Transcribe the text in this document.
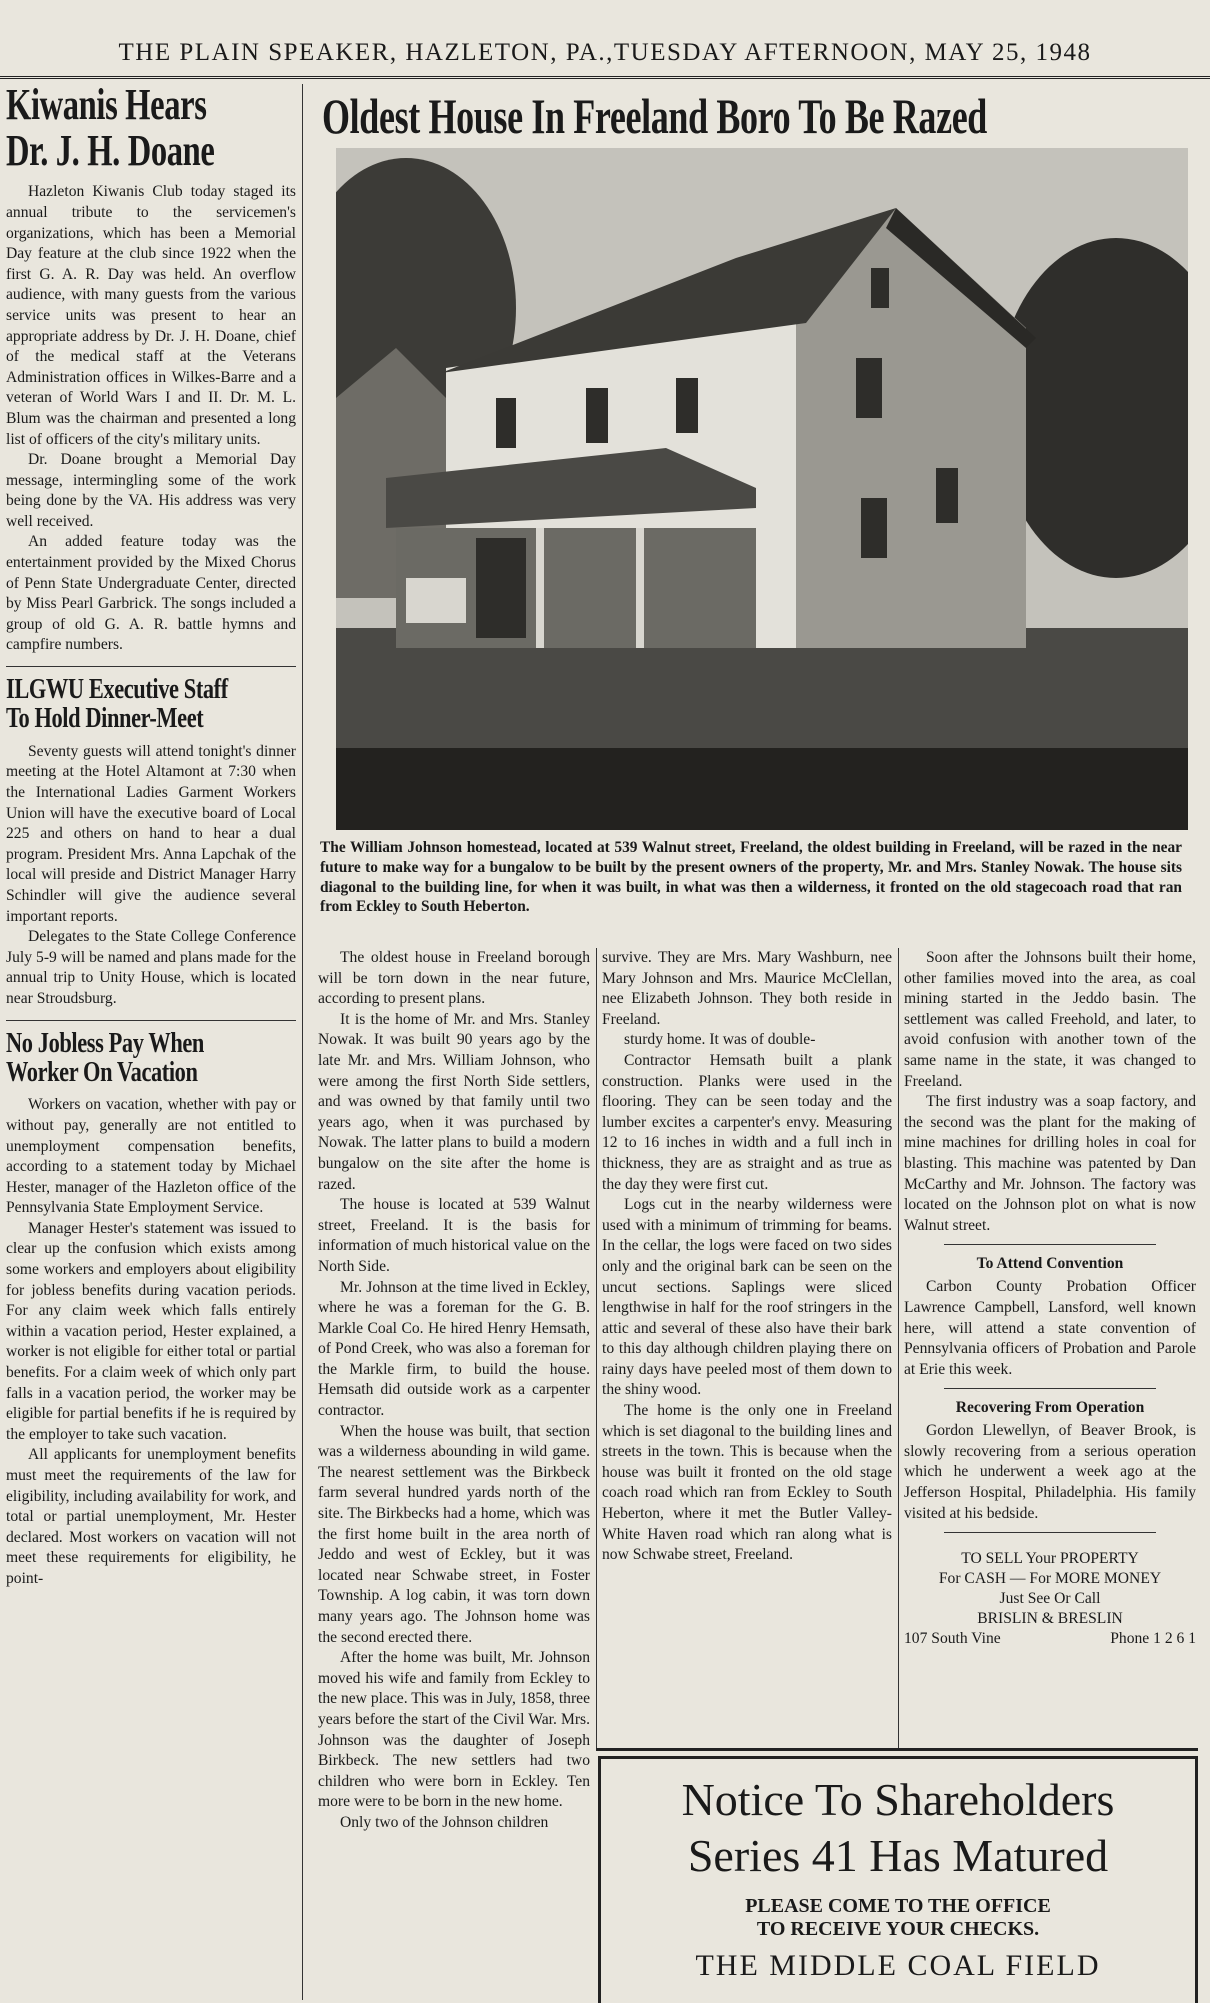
THE PLAIN SPEAKER, HAZLETON, PA.,TUESDAY AFTERNOON, MAY 25, 1948
Kiwanis Hears
Dr. J. H. Doane

Hazleton Kiwanis Club today staged its annual tribute to the servicemen's organizations, which has been a Memorial Day feature at the club since 1922 when the first G. A. R. Day was held. An overflow audience, with many guests from the various service units was present to hear an appropriate address by Dr. J. H. Doane, chief of the medical staff at the Veterans Administration offices in Wilkes-Barre and a veteran of World Wars I and II. Dr. M. L. Blum was the chairman and presented a long list of officers of the city's military units.

Dr. Doane brought a Memorial Day message, intermingling some of the work being done by the VA. His address was very well received.

An added feature today was the entertainment provided by the Mixed Chorus of Penn State Undergraduate Center, directed by Miss Pearl Garbrick. The songs included a group of old G. A. R. battle hymns and campfire numbers.

ILGWU Executive Staff
To Hold Dinner-Meet

Seventy guests will attend tonight's dinner meeting at the Hotel Altamont at 7:30 when the International Ladies Garment Workers Union will have the executive board of Local 225 and others on hand to hear a dual program. President Mrs. Anna Lapchak of the local will preside and District Manager Harry Schindler will give the audience several important reports.

Delegates to the State College Conference July 5-9 will be named and plans made for the annual trip to Unity House, which is located near Stroudsburg.

No Jobless Pay When
Worker On Vacation

Workers on vacation, whether with pay or without pay, generally are not entitled to unemployment compensation benefits, according to a statement today by Michael Hester, manager of the Hazleton office of the Pennsylvania State Employment Service.

Manager Hester's statement was issued to clear up the confusion which exists among some workers and employers about eligibility for jobless benefits during vacation periods. For any claim week which falls entirely within a vacation period, Hester explained, a worker is not eligible for either total or partial benefits. For a claim week of which only part falls in a vacation period, the worker may be eligible for partial benefits if he is required by the employer to take such vacation.

All applicants for unemployment benefits must meet the requirements of the law for eligibility, including availability for work, and total or partial unemployment, Mr. Hester declared. Most workers on vacation will not meet these requirements for eligibility, he point-

Oldest House In Freeland Boro To Be Razed
The William Johnson homestead, located at 539 Walnut street, Freeland, the oldest building in Freeland, will be razed in the near future to make way for a bungalow to be built by the present owners of the property, Mr. and Mrs. Stanley Nowak. The house sits diagonal to the building line, for when it was built, in what was then a wilderness, it fronted on the old stagecoach road that ran from Eckley to South Heberton.

The oldest house in Freeland borough will be torn down in the near future, according to present plans.

It is the home of Mr. and Mrs. Stanley Nowak. It was built 90 years ago by the late Mr. and Mrs. William Johnson, who were among the first North Side settlers, and was owned by that family until two years ago, when it was purchased by Nowak. The latter plans to build a modern bungalow on the site after the home is razed.

The house is located at 539 Walnut street, Freeland. It is the basis for information of much historical value on the North Side.

Mr. Johnson at the time lived in Eckley, where he was a foreman for the G. B. Markle Coal Co. He hired Henry Hemsath, of Pond Creek, who was also a foreman for the Markle firm, to build the house. Hemsath did outside work as a carpenter contractor.

When the house was built, that section was a wilderness abounding in wild game. The nearest settlement was the Birkbeck farm several hundred yards north of the site. The Birkbecks had a home, which was the first home built in the area north of Jeddo and west of Eckley, but it was located near Schwabe street, in Foster Township. A log cabin, it was torn down many years ago. The Johnson home was the second erected there.

After the home was built, Mr. Johnson moved his wife and family from Eckley to the new place. This was in July, 1858, three years before the start of the Civil War. Mrs. Johnson was the daughter of Joseph Birkbeck. The new settlers had two children who were born in Eckley. Ten more were to be born in the new home.

Only two of the Johnson children

survive. They are Mrs. Mary Washburn, nee Mary Johnson and Mrs. Maurice McClellan, nee Elizabeth Johnson. They both reside in Freeland.

sturdy home. It was of double-

Contractor Hemsath built a plank construction. Planks were used in the flooring. They can be seen today and the lumber excites a carpenter's envy. Measuring 12 to 16 inches in width and a full inch in thickness, they are as straight and as true as the day they were first cut.

Logs cut in the nearby wilderness were used with a minimum of trimming for beams. In the cellar, the logs were faced on two sides only and the original bark can be seen on the uncut sections. Saplings were sliced lengthwise in half for the roof stringers in the attic and several of these also have their bark to this day although children playing there on rainy days have peeled most of them down to the shiny wood.

The home is the only one in Freeland which is set diagonal to the building lines and streets in the town. This is because when the house was built it fronted on the old stage coach road which ran from Eckley to South Heberton, where it met the Butler Valley-White Haven road which ran along what is now Schwabe street, Freeland.

Soon after the Johnsons built their home, other families moved into the area, as coal mining started in the Jeddo basin. The settlement was called Freehold, and later, to avoid confusion with another town of the same name in the state, it was changed to Freeland.

The first industry was a soap factory, and the second was the plant for the making of mine machines for drilling holes in coal for blasting. This machine was patented by Dan McCarthy and Mr. Johnson. The factory was located on the Johnson plot on what is now Walnut street.

To Attend Convention

Carbon County Probation Officer Lawrence Campbell, Lansford, well known here, will attend a state convention of Pennsylvania officers of Probation and Parole at Erie this week.

Recovering From Operation

Gordon Llewellyn, of Beaver Brook, is slowly recovering from a serious operation which he underwent a week ago at the Jefferson Hospital, Philadelphia. His family visited at his bedside.

TO SELL Your PROPERTY
For CASH — For MORE MONEY
Just See Or Call
BRISLIN & BRESLIN
107 South Vine	Phone 1 2 6 1
Notice To Shareholders
Series 41 Has Matured
PLEASE COME TO THE OFFICE
TO RECEIVE YOUR CHECKS.
THE MIDDLE COAL FIELD
